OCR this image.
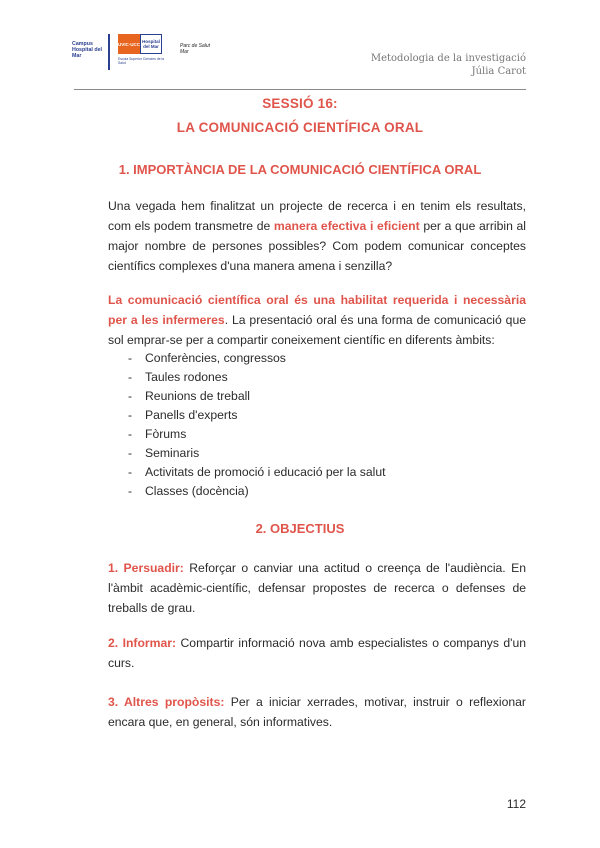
Campus Hospital del Mar
UVIC·UCC Hospital del Mar
Escola Superior Ciències de la Salut
Parc de Salut Mar
Metodologia de la investigació
Júlia Carot
SESSIÓ 16:
LA COMUNICACIÓ CIENTÍFICA ORAL
1. IMPORTÀNCIA DE LA COMUNICACIÓ CIENTÍFICA ORAL
Una vegada hem finalitzat un projecte de recerca i en tenim els resultats, com els podem transmetre de manera efectiva i eficient per a que arribin al major nombre de persones possibles? Com podem comunicar conceptes científics complexes d'una manera amena i senzilla?
La comunicació científica oral és una habilitat requerida i necessària per a les infermeres. La presentació oral és una forma de comunicació que sol emprar-se per a compartir coneixement científic en diferents àmbits:
- Conferències, congressos
- Taules rodones
- Reunions de treball
- Panells d'experts
- Fòrums
- Seminaris
- Activitats de promoció i educació per la salut
- Classes (docència)
2. OBJECTIUS
1. Persuadir: Reforçar o canviar una actitud o creença de l'audiència. En l'àmbit acadèmic-científic, defensar propostes de recerca o defenses de treballs de grau.
2. Informar: Compartir informació nova amb especialistes o companys d'un curs.
3. Altres propòsits: Per a iniciar xerrades, motivar, instruir o reflexionar encara que, en general, són informatives.
112
